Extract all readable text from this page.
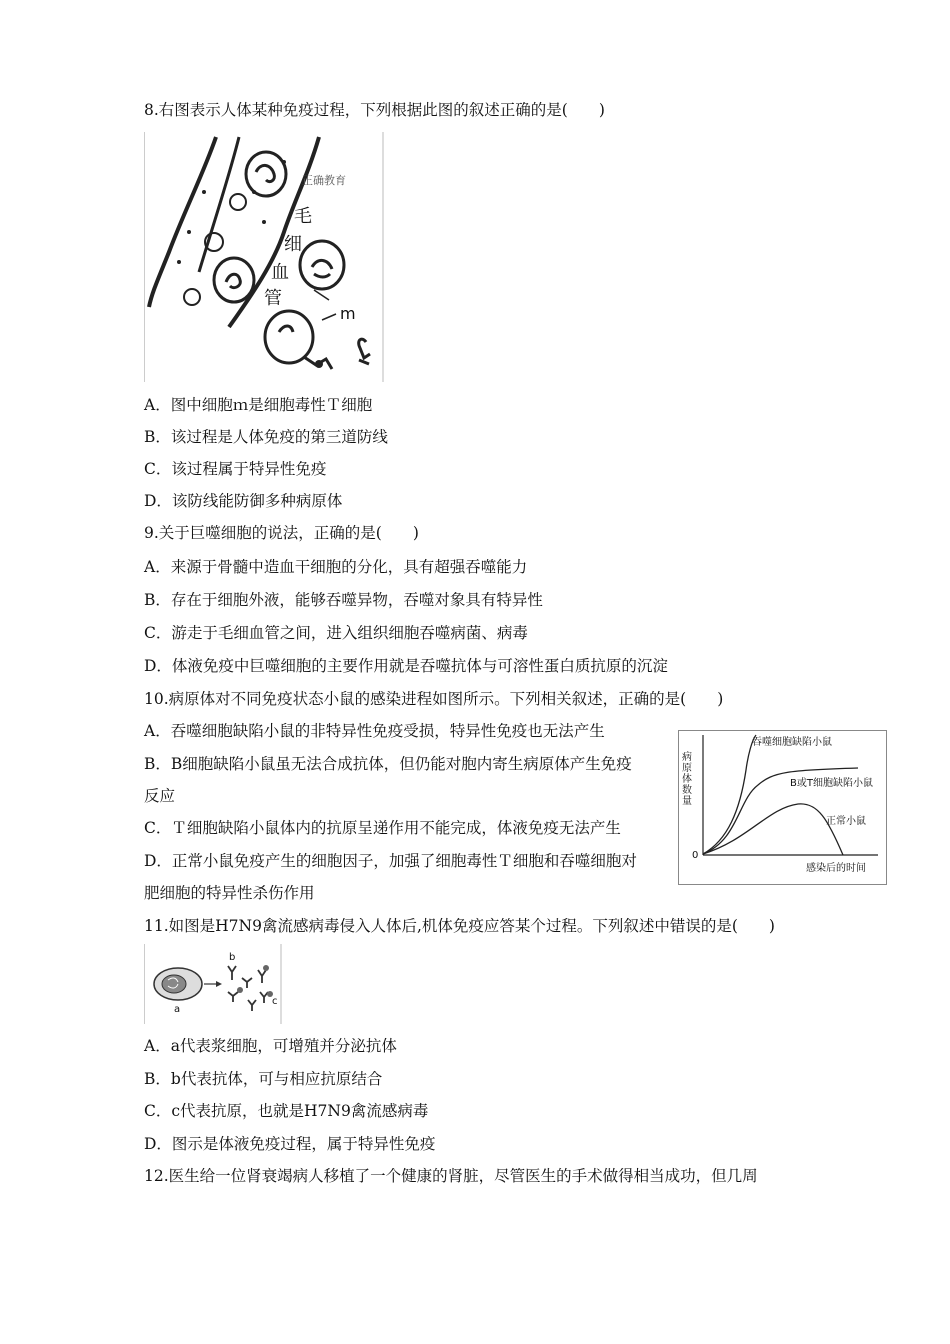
8.右图表示人体某种免疫过程，下列根据此图的叙述正确的是(　　)
正确教育
毛
细
血
管
m
A．图中细胞ｍ是细胞毒性Ｔ细胞
B．该过程是人体免疫的第三道防线
C．该过程属于特异性免疫
D．该防线能防御多种病原体
9.关于巨噬细胞的说法，正确的是(　　)
A．来源于骨髓中造血干细胞的分化，具有超强吞噬能力
B．存在于细胞外液，能够吞噬异物，吞噬对象具有特异性
C．游走于毛细血管之间，进入组织细胞吞噬病菌、病毒
D．体液免疫中巨噬细胞的主要作用就是吞噬抗体与可溶性蛋白质抗原的沉淀
10.病原体对不同免疫状态小鼠的感染进程如图所示。下列相关叙述，正确的是(　　)
A．吞噬细胞缺陷小鼠的非特异性免疫受损，特异性免疫也无法产生
B．B细胞缺陷小鼠虽无法合成抗体，但仍能对胞内寄生病原体产生免疫
反应
C．Ｔ细胞缺陷小鼠体内的抗原呈递作用不能完成，体液免疫无法产生
D．正常小鼠免疫产生的细胞因子，加强了细胞毒性Ｔ细胞和吞噬细胞对
肥细胞的特异性杀伤作用
病原体数量
0
感染后的时间
吞噬细胞缺陷小鼠
B或T细胞缺陷小鼠
正常小鼠
11.如图是H7N9禽流感病毒侵入人体后,机体免疫应答某个过程。下列叙述中错误的是(　　)
a
b
c
A．a代表浆细胞，可增殖并分泌抗体
B．b代表抗体，可与相应抗原结合
C．c代表抗原，也就是H7N9禽流感病毒
D．图示是体液免疫过程，属于特异性免疫
12.医生给一位肾衰竭病人移植了一个健康的肾脏，尽管医生的手术做得相当成功，但几周
